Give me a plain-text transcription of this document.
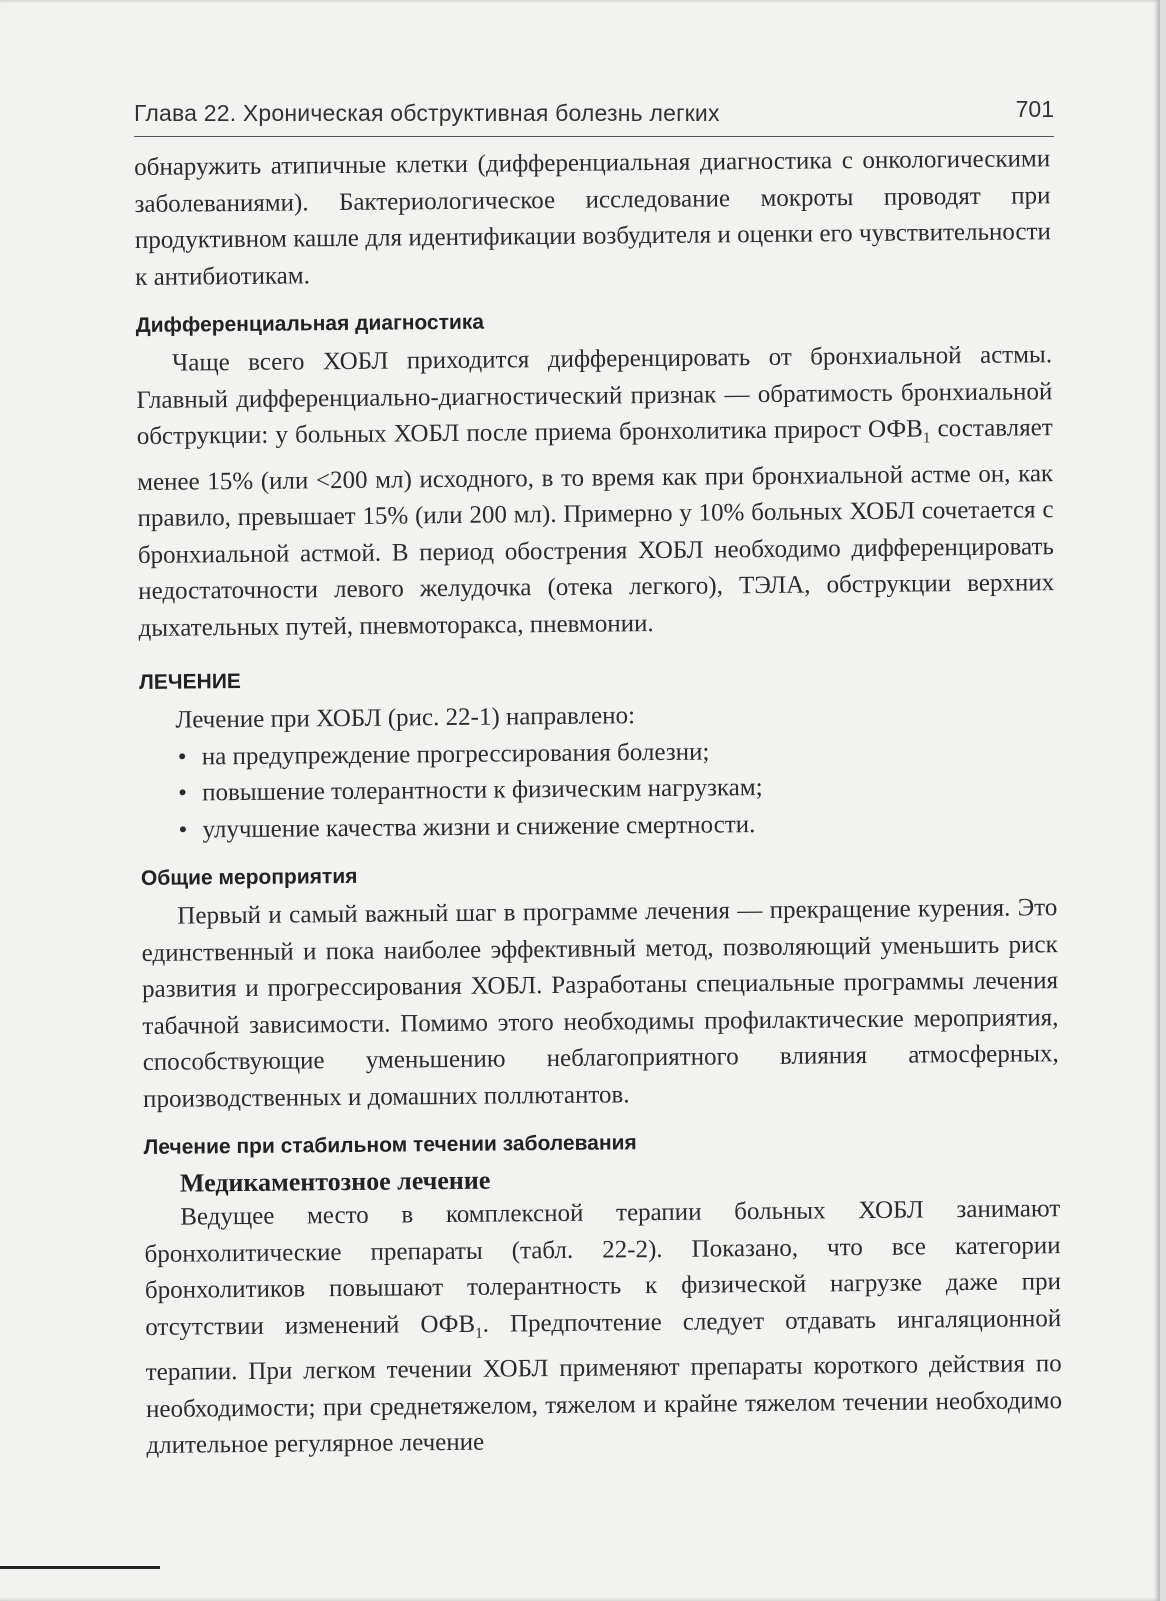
Глава 22. Хроническая обструктивная болезнь легких	701

обнаружить атипичные клетки (дифференциальная диагностика с онкологическими заболеваниями). Бактериологическое исследование мокроты проводят при продуктивном кашле для идентификации возбудителя и оценки его чувствительности к антибиотикам.

Дифференциальная диагностика

Чаще всего ХОБЛ приходится дифференцировать от бронхиальной астмы. Главный дифференциально-диагностический признак — обратимость бронхиальной обструкции: у больных ХОБЛ после приема бронхолитика прирост $ОФВ_1$ составляет менее 15% (или <200 мл) исходного, в то время как при бронхиальной астме он, как правило, превышает 15% (или 200 мл). Примерно у 10% больных ХОБЛ сочетается с бронхиальной астмой. В период обострения ХОБЛ необходимо дифференцировать недостаточности левого желудочка (отека легкого), ТЭЛА, обструкции верхних дыхательных путей, пневмоторакса, пневмонии.

ЛЕЧЕНИЕ

Лечение при ХОБЛ (рис. 22-1) направлено:

• на предупреждение прогрессирования болезни;
• повышение толерантности к физическим нагрузкам;
• улучшение качества жизни и снижение смертности.
Общие мероприятия

Первый и самый важный шаг в программе лечения — прекращение курения. Это единственный и пока наиболее эффективный метод, позволяющий уменьшить риск развития и прогрессирования ХОБЛ. Разработаны специальные программы лечения табачной зависимости. Помимо этого необходимы профилактические мероприятия, способствующие уменьшению неблагоприятного влияния атмосферных, производственных и домашних поллютантов.

Лечение при стабильном течении заболевания
Медикаментозное лечение

Ведущее место в комплексной терапии больных ХОБЛ занимают бронхолитические препараты (табл. 22-2). Показано, что все категории бронхолитиков повышают толерантность к физической нагрузке даже при отсутствии изменений $ОФВ_1$. Предпочтение следует отдавать ингаляционной терапии. При легком течении ХОБЛ применяют препараты короткого действия по необходимости; при среднетяжелом, тяжелом и крайне тяжелом течении необходимо длительное регулярное лечение
